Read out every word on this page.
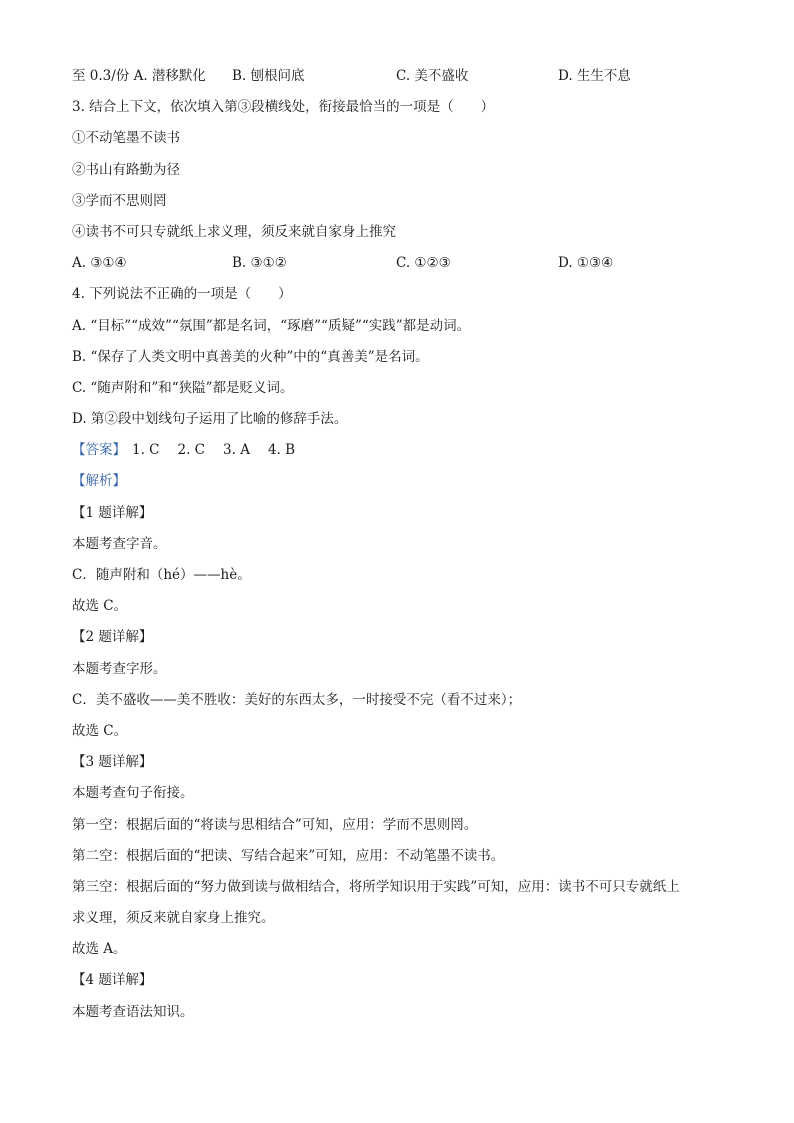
至 0.3/份 A. 潜移默化 B. 刨根问底	C. 美不盛收	D. 生生不息
3. 结合上下文，依次填入第③段横线处，衔接最恰当的一项是（　　）
①不动笔墨不读书
②书山有路勤为径
③学而不思则罔
④读书不可只专就纸上求义理，须反来就自家身上推究
A. ③①④	B. ③①②	C. ①②③	D. ①③④
4. 下列说法不正确的一项是（　　）
A. “目标”“成效”“氛围”都是名词，“琢磨”“质疑”“实践”都是动词。
B. “保存了人类文明中真善美的火种”中的“真善美”是名词。
C. “随声附和”和“狭隘”都是贬义词。
D. 第②段中划线句子运用了比喻的修辞手法。
【答案】 1. C 2. C 3. A 4. B
【解析】
【1 题详解】
本题考查字音。
C．随声附和（hé）——hè。
故选 C。
【2 题详解】
本题考查字形。
C．美不盛收——美不胜收：美好的东西太多，一时接受不完（看不过来）；
故选 C。
【3 题详解】
本题考查句子衔接。
第一空：根据后面的“将读与思相结合”可知，应用：学而不思则罔。
第二空：根据后面的“把读、写结合起来”可知，应用：不动笔墨不读书。
第三空：根据后面的“努力做到读与做相结合，将所学知识用于实践”可知，应用：读书不可只专就纸上
求义理，须反来就自家身上推究。
故选 A。
【4 题详解】
本题考查语法知识。
